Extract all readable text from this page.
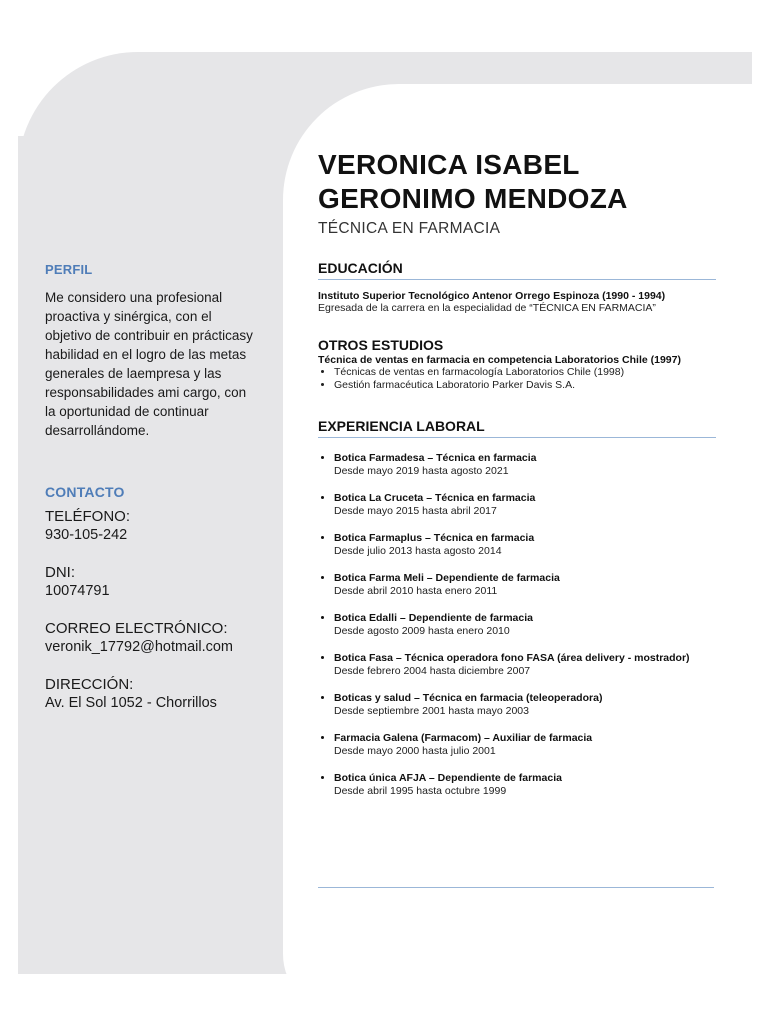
PERFIL
Me considero una profesional proactiva y sinérgica, con el objetivo de contribuir en prácticasy habilidad en el logro de las metas generales de laempresa y las responsabilidades ami cargo, con la oportunidad de continuar desarrollándome.
CONTACTO
TELÉFONO:
930-105-242
DNI:
10074791
CORREO ELECTRÓNICO:
veronik_17792@hotmail.com
DIRECCIÓN:
Av. El Sol 1052 - Chorrillos
VERONICA ISABEL
GERONIMO MENDOZA
TÉCNICA EN FARMACIA
EDUCACIÓN
Instituto Superior Tecnológico Antenor Orrego Espinoza (1990 - 1994)
Egresada de la carrera en la especialidad de “TÉCNICA EN FARMACIA”
OTROS ESTUDIOS
Técnica de ventas en farmacia en competencia Laboratorios Chile (1997)
• Técnicas de ventas en farmacología Laboratorios Chile (1998)
• Gestión farmacéutica Laboratorio Parker Davis S.A.
EXPERIENCIA LABORAL
• Botica Farmadesa – Técnica en farmacia
Desde mayo 2019 hasta agosto 2021
• Botica La Cruceta – Técnica en farmacia
Desde mayo 2015 hasta abril 2017
• Botica Farmaplus – Técnica en farmacia
Desde julio 2013 hasta agosto 2014
• Botica Farma Meli – Dependiente de farmacia
Desde abril 2010 hasta enero 2011
• Botica Edalli – Dependiente de farmacia
Desde agosto 2009 hasta enero 2010
• Botica Fasa – Técnica operadora fono FASA (área delivery - mostrador)
Desde febrero 2004 hasta diciembre 2007
• Boticas y salud – Técnica en farmacia (teleoperadora)
Desde septiembre 2001 hasta mayo 2003
• Farmacia Galena (Farmacom) – Auxiliar de farmacia
Desde mayo 2000 hasta julio 2001
• Botica única AFJA – Dependiente de farmacia
Desde abril 1995 hasta octubre 1999
